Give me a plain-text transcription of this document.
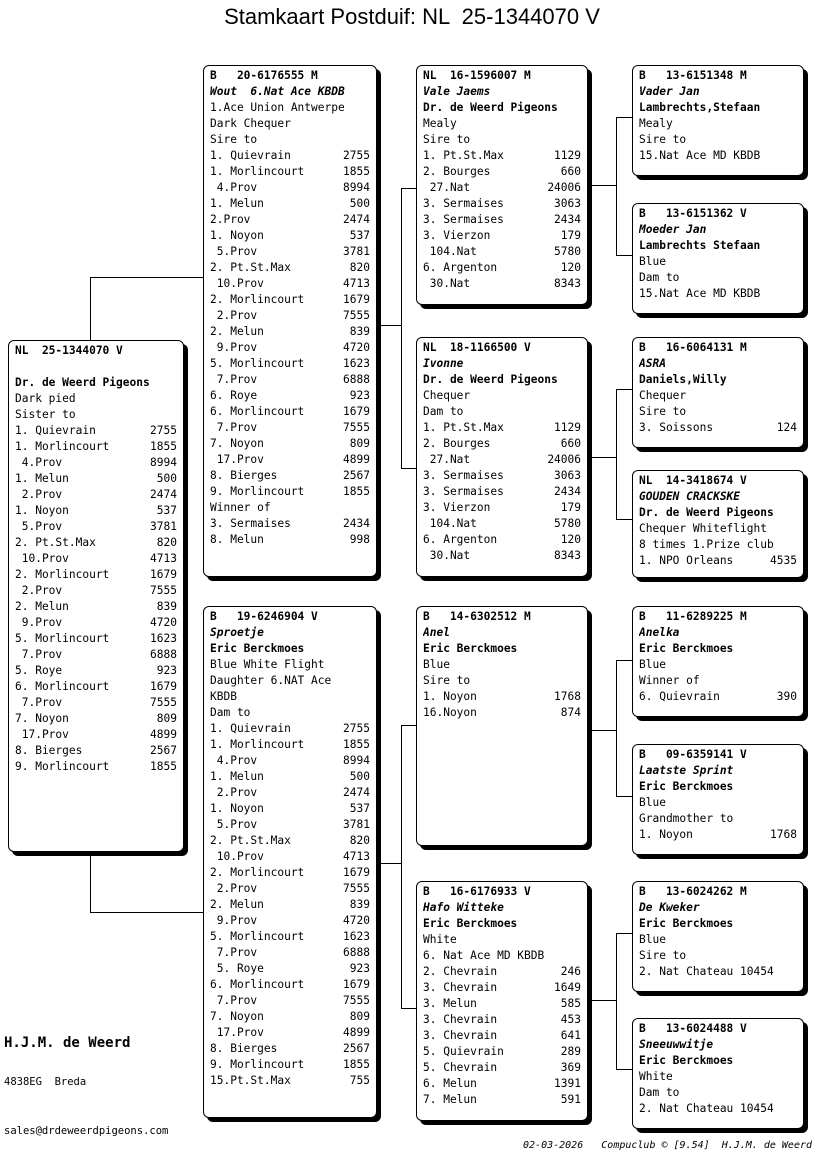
Stamkaart Postduif: NL  25-1344070 V
NL  25-1344070 V
Dr. de Weerd Pigeons
Dark pied
Sister to
1. Quievrain	2755
1. Morlincourt	1855
4.Prov	8994
1. Melun	500
2.Prov	2474
1. Noyon	537
5.Prov	3781
2. Pt.St.Max	820
10.Prov	4713
2. Morlincourt	1679
2.Prov	7555
2. Melun	839
9.Prov	4720
5. Morlincourt	1623
7.Prov	6888
5. Roye	923
6. Morlincourt	1679
7.Prov	7555
7. Noyon	809
17.Prov	4899
8. Bierges	2567
9. Morlincourt	1855
B   20-6176555 M
Wout  6.Nat Ace KBDB
1.Ace Union Antwerpe
Dark Chequer
Sire to
1. Quievrain	2755
1. Morlincourt	1855
4.Prov	8994
1. Melun	500
2.Prov	2474
1. Noyon	537
5.Prov	3781
2. Pt.St.Max	820
10.Prov	4713
2. Morlincourt	1679
2.Prov	7555
2. Melun	839
9.Prov	4720
5. Morlincourt	1623
7.Prov	6888
6. Roye	923
6. Morlincourt	1679
7.Prov	7555
7. Noyon	809
17.Prov	4899
8. Bierges	2567
9. Morlincourt	1855
Winner of
3. Sermaises	2434
8. Melun	998
B   19-6246904 V
Sproetje
Eric Berckmoes
Blue White Flight
Daughter 6.NAT Ace
KBDB
Dam to
1. Quievrain	2755
1. Morlincourt	1855
4.Prov	8994
1. Melun	500
2.Prov	2474
1. Noyon	537
5.Prov	3781
2. Pt.St.Max	820
10.Prov	4713
2. Morlincourt	1679
2.Prov	7555
2. Melun	839
9.Prov	4720
5. Morlincourt	1623
7.Prov	6888
5. Roye	923
6. Morlincourt	1679
7.Prov	7555
7. Noyon	809
17.Prov	4899
8. Bierges	2567
9. Morlincourt	1855
15.Pt.St.Max	755
NL  16-1596007 M
Vale Jaems
Dr. de Weerd Pigeons
Mealy
Sire to
1. Pt.St.Max	1129
2. Bourges	660
27.Nat	24006
3. Sermaises	3063
3. Sermaises	2434
3. Vierzon	179
104.Nat	5780
6. Argenton	120
30.Nat	8343
NL  18-1166500 V
Ivonne
Dr. de Weerd Pigeons
Chequer
Dam to
1. Pt.St.Max	1129
2. Bourges	660
27.Nat	24006
3. Sermaises	3063
3. Sermaises	2434
3. Vierzon	179
104.Nat	5780
6. Argenton	120
30.Nat	8343
B   14-6302512 M
Anel
Eric Berckmoes
Blue
Sire to
1. Noyon	1768
16.Noyon	874
B   16-6176933 V
Hafo Witteke
Eric Berckmoes
White
6. Nat Ace MD KBDB
2. Chevrain	246
3. Chevrain	1649
3. Melun	585
3. Chevrain	453
3. Chevrain	641
5. Quievrain	289
5. Chevrain	369
6. Melun	1391
7. Melun	591
B   13-6151348 M
Vader Jan
Lambrechts,Stefaan
Mealy
Sire to
15.Nat Ace MD KBDB
B   13-6151362 V
Moeder Jan
Lambrechts Stefaan
Blue
Dam to
15.Nat Ace MD KBDB
B   16-6064131 M
ASRA
Daniels,Willy
Chequer
Sire to
3. Soissons	124
NL  14-3418674 V
GOUDEN CRACKSKE
Dr. de Weerd Pigeons
Chequer Whiteflight
8 times 1.Prize club
1. NPO Orleans	4535
B   11-6289225 M
Anelka
Eric Berckmoes
Blue
Winner of
6. Quievrain	390
B   09-6359141 V
Laatste Sprint
Eric Berckmoes
Blue
Grandmother to
1. Noyon	1768
B   13-6024262 M
De Kweker
Eric Berckmoes
Blue
Sire to
2. Nat Chateau 10454
B   13-6024488 V
Sneeuwwitje
Eric Berckmoes
White
Dam to
2. Nat Chateau 10454
H.J.M. de Weerd
4838EG  Breda
sales@drdeweerdpigeons.com
02-03-2026   Compuclub © [9.54]  H.J.M. de Weerd
